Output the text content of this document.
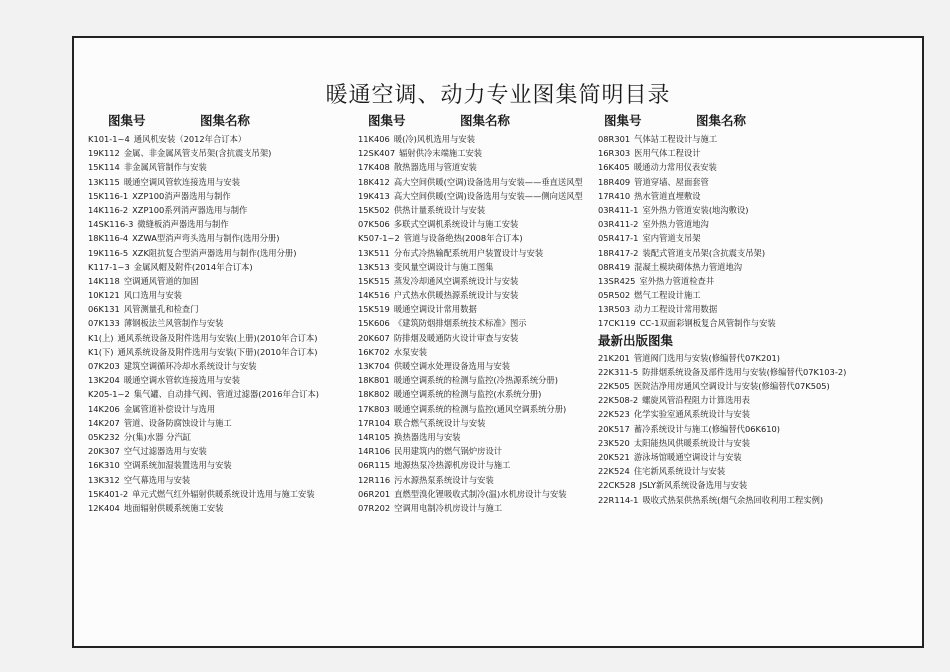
暖通空调、动力专业图集简明目录
图集号	图集名称
K101-1~4 通风机安装（2012年合订本）
19K112 金属、非金属风管支吊架(含抗震支吊架)
15K114 非金属风管制作与安装
13K115 暖通空调风管软连接选用与安装
15K116-1 XZP100消声器选用与制作
14K116-2 XZP100系列消声器选用与制作
14SK116-3 微缝板消声器选用与制作
18K116-4 XZWA型消声弯头选用与制作(选用分册)
19K116-5 XZK阻抗复合型消声器选用与制作(选用分册)
K117-1~3 金属风帽及附件(2014年合订本)
14K118 空调通风管道的加固
10K121 风口选用与安装
06K131 风管测量孔和检查门
07K133 薄钢板法兰风管制作与安装
K1(上) 通风系统设备及附件选用与安装(上册)(2010年合订本)
K1(下) 通风系统设备及附件选用与安装(下册)(2010年合订本)
07K203 建筑空调循环冷却水系统设计与安装
13K204 暖通空调水管软连接选用与安装
K205-1~2 集气罐、自动排气阀、管道过滤器(2016年合订本)
14K206 金属管道补偿设计与选用
14K207 管道、设备防腐蚀设计与施工
05K232 分(集)水器 分汽缸
20K307 空气过滤器选用与安装
16K310 空调系统加湿装置选用与安装
13K312 空气幕选用与安装
15K401-2 单元式燃气红外辐射供暖系统设计选用与施工安装
12K404 地面辐射供暖系统施工安装
图集号	图集名称
11K406 暖(冷)风机选用与安装
12SK407 辐射供冷末端施工安装
17K408 散热器选用与管道安装
18K412 高大空间供暖(空调)设备选用与安装——垂直送风型
19K413 高大空间供暖(空调)设备选用与安装——侧向送风型
15K502 供热计量系统设计与安装
07K506 多联式空调机系统设计与施工安装
K507-1~2 管道与设备绝热(2008年合订本)
13K511 分布式冷热输配系统用户装置设计与安装
13K513 变风量空调设计与施工图集
15K515 蒸发冷却通风空调系统设计与安装
14K516 户式热水供暖热源系统设计与安装
15K519 暖通空调设计常用数据
15K606 《建筑防烟排烟系统技术标准》图示
20K607 防排烟及暖通防火设计审查与安装
16K702 水泵安装
13K704 供暖空调水处理设备选用与安装
18K801 暖通空调系统的检测与监控(冷热源系统分册)
18K802 暖通空调系统的检测与监控(水系统分册)
17K803 暖通空调系统的检测与监控(通风空调系统分册)
17R104 联合燃气系统设计与安装
14R105 换热器选用与安装
14R106 民用建筑内的燃气锅炉房设计
06R115 地源热泵冷热源机房设计与施工
12R116 污水源热泵系统设计与安装
06R201 直燃型溴化锂吸收式制冷(温)水机房设计与安装
07R202 空调用电制冷机房设计与施工
图集号	图集名称
08R301 气体站工程设计与施工
16R303 医用气体工程设计
16K405 暖通动力常用仪表安装
18R409 管道穿墙、屋面套管
17R410 热水管道直埋敷设
03R411-1 室外热力管道安装(地沟敷设)
03R411-2 室外热力管道地沟
05R417-1 室内管道支吊架
18R417-2 装配式管道支吊架(含抗震支吊架)
08R419 混凝土模块砌体热力管道地沟
13SR425 室外热力管道检查井
05R502 燃气工程设计施工
13R503 动力工程设计常用数据
17CK119 CC-1双面彩钢板复合风管制作与安装
最新出版图集
21K201 管道阀门选用与安装(修编替代07K201)
22K311-5 防排烟系统设备及部件选用与安装(修编替代07K103-2)
22K505 医院洁净用房通风空调设计与安装(修编替代07K505)
22K508-2 螺旋风管沿程阻力计算选用表
22K523 化学实验室通风系统设计与安装
20K517 蓄冷系统设计与施工(修编替代06K610)
23K520 太阳能热风供暖系统设计与安装
20K521 游泳场馆暖通空调设计与安装
22K524 住宅新风系统设计与安装
22CK528 JSLY新风系统设备选用与安装
22R114-1 吸收式热泵供热系统(烟气余热回收利用工程实例)
